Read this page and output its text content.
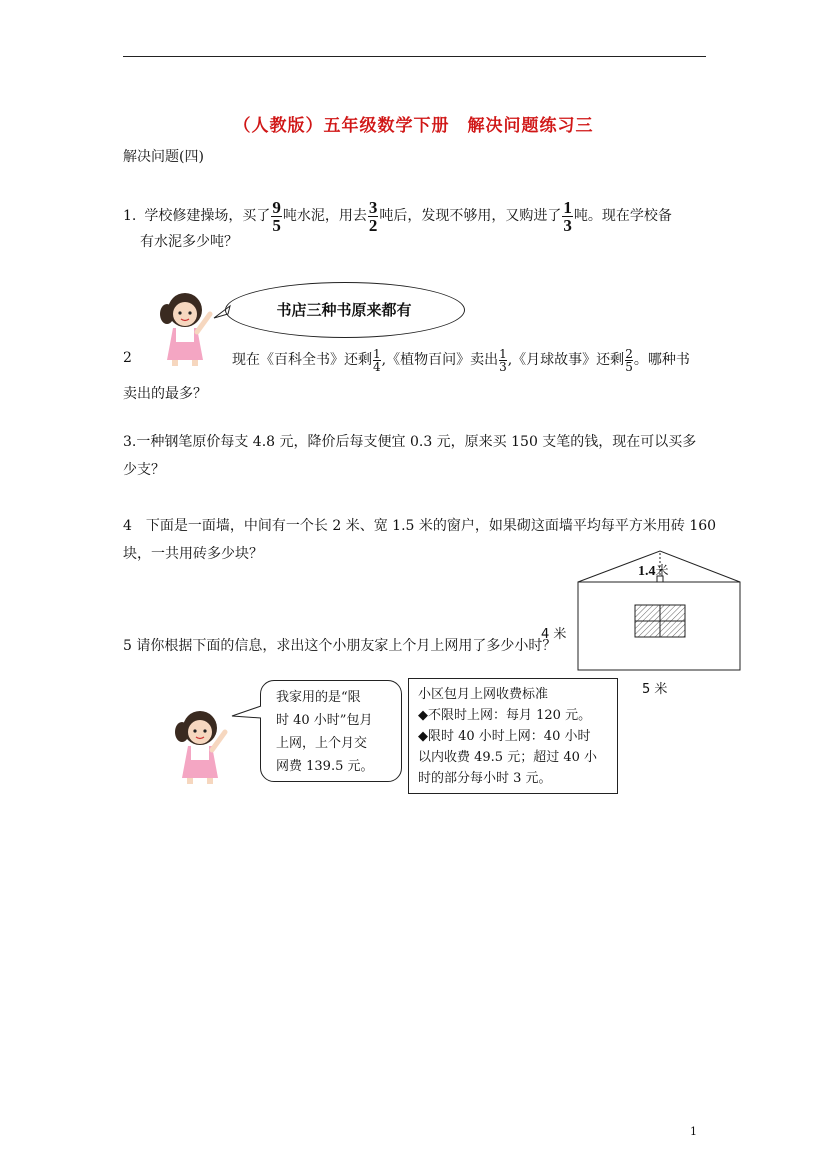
（人教版）五年级数学下册　解决问题练习三
解决问题(四)
1. 学校修建操场，买了 $\frac{9}{5}$ 吨水泥，用去 $\frac{3}{2}$ 吨后，发现不够用，又购进了 $\frac{1}{3}$ 吨。现在学校备
有水泥多少吨？
书店三种书原来都有
2	现在《百科全书》还剩 $\frac{1}{4}$ ,《植物百问》卖出 $\frac{1}{3}$ ,《月球故事》还剩 $\frac{2}{5}$ 。哪种书
卖出的最多？
3.一种钢笔原价每支 4.8 元，降价后每支便宜 0.3 元，原来买 150 支笔的钱，现在可以买多
少支？
4　下面是一面墙，中间有一个长 2 米、宽 1.5 米的窗户，如果砌这面墙平均每平方米用砖 160
块，一共用砖多少块？
1.4米
4 米
5 米
5 请你根据下面的信息，求出这个小朋友家上个月上网用了多少小时？
我家用的是“限
时 40 小时”包月
上网，上个月交
网费 139.5 元。
小区包月上网收费标准
◆不限时上网：每月 120 元。
◆限时 40 小时上网：40 小时
以内收费 49.5 元；超过 40 小
时的部分每小时 3 元。
1
